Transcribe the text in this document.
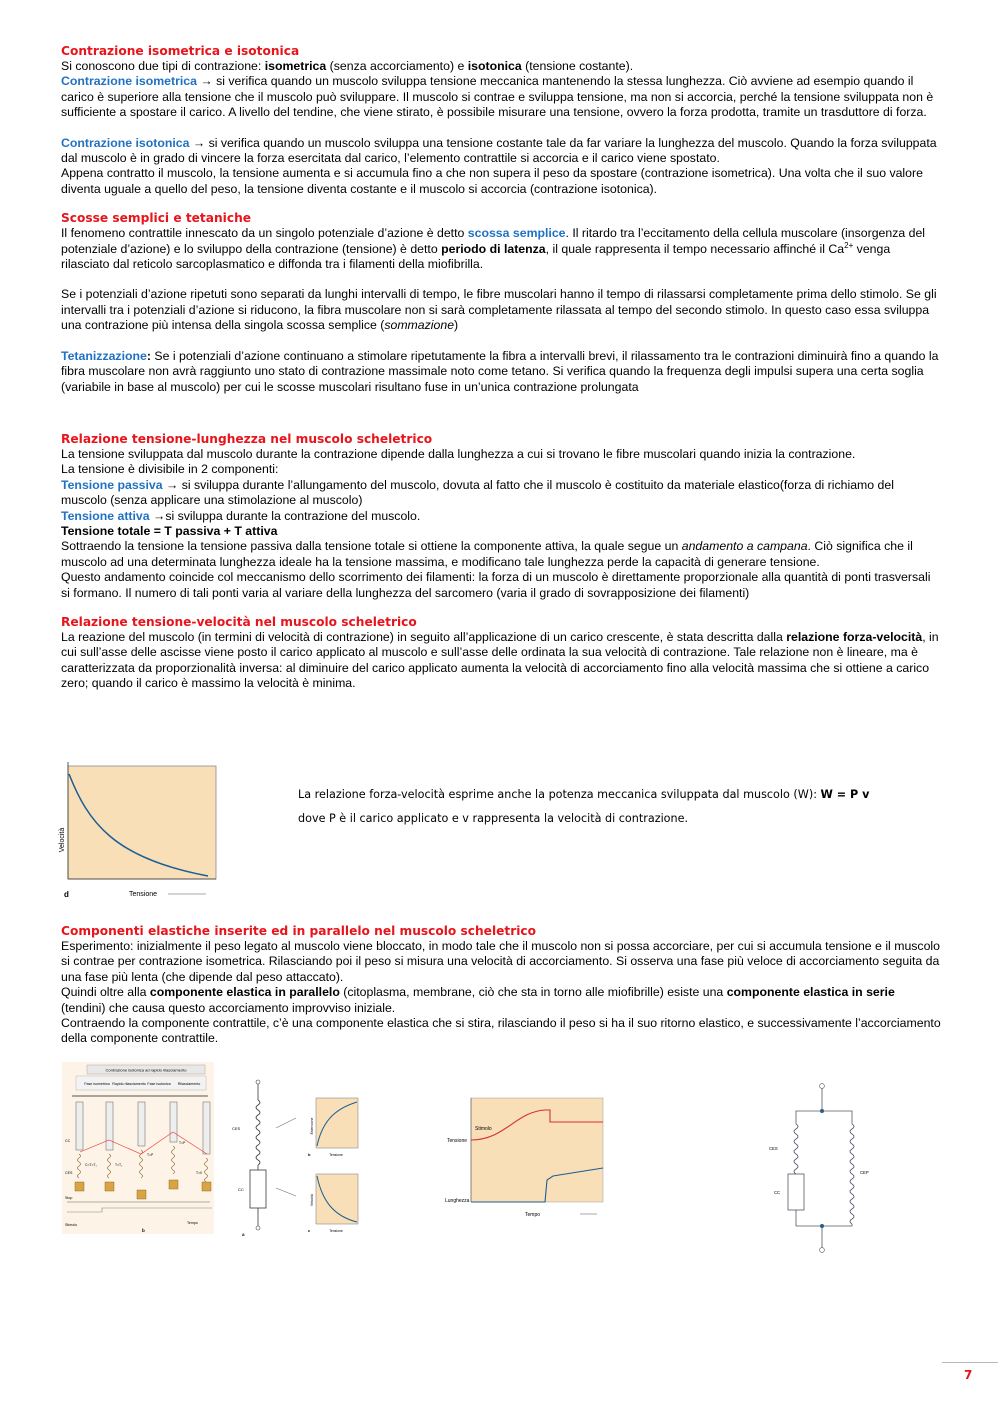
Contrazione isometrica e isotonica

Si conoscono due tipi di contrazione: isometrica (senza accorciamento) e isotonica (tensione costante).

Contrazione isometrica → si verifica quando un muscolo sviluppa tensione meccanica mantenendo la stessa lunghezza. Ciò avviene ad esempio quando il carico è superiore alla tensione che il muscolo può sviluppare. Il muscolo si contrae e sviluppa tensione, ma non si accorcia, perché la tensione sviluppata non è sufficiente a spostare il carico. A livello del tendine, che viene stirato, è possibile misurare una tensione, ovvero la forza prodotta, tramite un trasduttore di forza.

Contrazione isotonica → si verifica quando un muscolo sviluppa una tensione costante tale da far variare la lunghezza del muscolo. Quando la forza sviluppata dal muscolo è in grado di vincere la forza esercitata dal carico, l’elemento contrattile si accorcia e il carico viene spostato.

Appena contratto il muscolo, la tensione aumenta e si accumula fino a che non supera il peso da spostare (contrazione isometrica). Una volta che il suo valore diventa uguale a quello del peso, la tensione diventa costante e il muscolo si accorcia (contrazione isotonica).

Scosse semplici e tetaniche

Il fenomeno contrattile innescato da un singolo potenziale d’azione è detto scossa semplice. Il ritardo tra l’eccitamento della cellula muscolare (insorgenza del potenziale d’azione) e lo sviluppo della contrazione (tensione) è detto periodo di latenza, il quale rappresenta il tempo necessario affinché il $Ca^{2+}$ venga rilasciato dal reticolo sarcoplasmatico e diffonda tra i filamenti della miofibrilla.

Se i potenziali d’azione ripetuti sono separati da lunghi intervalli di tempo, le fibre muscolari hanno il tempo di rilassarsi completamente prima dello stimolo. Se gli intervalli tra i potenziali d’azione si riducono, la fibra muscolare non si sarà completamente rilassata al tempo del secondo stimolo. In questo caso essa sviluppa una contrazione più intensa della singola scossa semplice (sommazione)

Tetanizzazione: Se i potenziali d’azione continuano a stimolare ripetutamente la fibra a intervalli brevi, il rilassamento tra le contrazioni diminuirà fino a quando la fibra muscolare non avrà raggiunto uno stato di contrazione massimale noto come tetano. Si verifica quando la frequenza degli impulsi supera una certa soglia (variabile in base al muscolo) per cui le scosse muscolari risultano fuse in un’unica contrazione prolungata

Relazione tensione-lunghezza nel muscolo scheletrico

La tensione sviluppata dal muscolo durante la contrazione dipende dalla lunghezza a cui si trovano le fibre muscolari quando inizia la contrazione.

La tensione è divisibile in 2 componenti:

Tensione passiva → si sviluppa durante l’allungamento del muscolo, dovuta al fatto che il muscolo è costituito da materiale elastico(forza di richiamo del muscolo (senza applicare una stimolazione al muscolo)

Tensione attiva →si sviluppa durante la contrazione del muscolo.

Tensione totale = T passiva + T attiva

Sottraendo la tensione la tensione passiva dalla tensione totale si ottiene la componente attiva, la quale segue un andamento a campana. Ciò significa che il muscolo ad una determinata lunghezza ideale ha la tensione massima, e modificano tale lunghezza perde la capacità di generare tensione.

Questo andamento coincide col meccanismo dello scorrimento dei filamenti: la forza di un muscolo è direttamente proporzionale alla quantità di ponti trasversali si formano. Il numero di tali ponti varia al variare della lunghezza del sarcomero (varia il grado di sovrapposizione dei filamenti)

Relazione tensione-velocità nel muscolo scheletrico

La reazione del muscolo (in termini di velocità di contrazione) in seguito all’applicazione di un carico crescente, è stata descritta dalla relazione forza-velocità, in cui sull’asse delle ascisse viene posto il carico applicato al muscolo e sull’asse delle ordinata la sua velocità di contrazione. Tale relazione non è lineare, ma è caratterizzata da proporzionalità inversa: al diminuire del carico applicato aumenta la velocità di accorciamento fino alla velocità massima che si ottiene a carico zero; quando il carico è massimo la velocità è minima.

Velocità
Tensione
d
La relazione forza-velocità esprime anche la potenza meccanica sviluppata dal muscolo (W): W = P v
dove P è il carico applicato e v rappresenta la velocità di contrazione.

Componenti elastiche inserite ed in parallelo nel muscolo scheletrico

Esperimento: inizialmente il peso legato al muscolo viene bloccato, in modo tale che il muscolo non si possa accorciare, per cui si accumula tensione e il muscolo si contrae per contrazione isometrica. Rilasciando poi il peso si misura una velocità di accorciamento. Si osserva una fase più veloce di accorciamento seguita da una fase più lenta (che dipende dal peso attaccato).

Quindi oltre alla componente elastica in parallelo (citoplasma, membrane, ciò che sta in torno alle miofibrille) esiste una componente elastica in serie (tendini) che causa questo accorciamento improvviso iniziale.

Contraendo la componente contrattile, c’è una componente elastica che si stira, rilasciando il peso si ha il suo ritorno elastico, e successivamente l’accorciamento della componente contrattile.

Contrazione isotonica ad rapido rilasciamento
Fase isometrica Rapido rilasciamento Fase isotonica Rilasciamento
CC
CES
Stop
Stimolo	Tempo
b
C=T=T₁	T=T₁
T=P
T=P
T=0
CES
CC
a
Estensione
Tensione
b
Velocità
Tensione
c
Stimolo
Tensione
Lunghezza
Tempo
CES
CC
CEP
7
